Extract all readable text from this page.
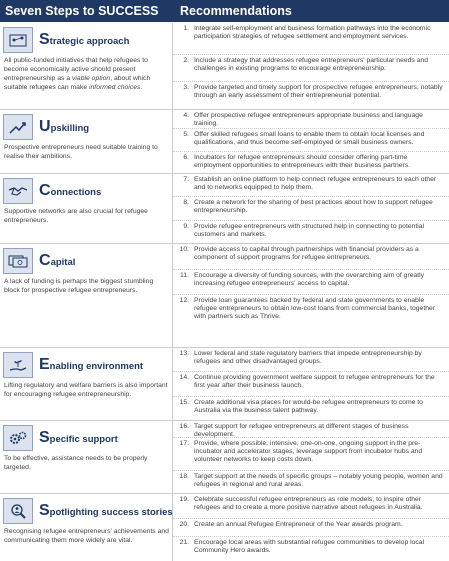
Seven Steps to SUCCESS	Recommendations
Strategic approach
All public-funded initiatives that help refugees to become economically active should present entrepreneurship as a viable option, about which suitable refugees can make informed choices.
1. Integrate self-employment and business formation pathways into the economic participation strategies of refugee settlement and employment services.
2. Include a strategy that addresses refugee entrepreneurs' particular needs and challenges in existing programs to encourage entrepreneurship.
3. Provide targeted and timely support for prospective refugee entrepreneurs, notably through an early assessment of their entrepreneurial potential.
Upskilling
Prospective entrepreneurs need suitable training to realise their ambitions.
4. Offer prospective refugee entrepreneurs appropriate business and language training.
5. Offer skilled refugees small loans to enable them to obtain local licenses and qualifications, and thus become self-employed or small business owners.
6. Incubators for refugee entrepreneurs should consider offering part-time employment opportunities to entrepreneurs with their business partners.
Connections
Supportive networks are also crucial for refugee entrepreneurs.
7. Establish an online platform to help connect refugee entrepreneurs to each other and to networks equipped to help them.
8. Create a network for the sharing of best practices about how to support refugee entrepreneurship.
9. Provide refugee entrepreneurs with structured help in connecting to potential customers and markets.
Capital
A lack of funding is perhaps the biggest stumbling block for prospective refugee entrepreneurs.
10. Provide access to capital through partnerships with financial providers as a component of support programs for refugee entrepreneurs.
11. Encourage a diversity of funding sources, with the overarching aim of greatly increasing refugee entrepreneurs' access to capital.
12. Provide loan guarantees backed by federal and state governments to enable refugee entrepreneurs to obtain low-cost loans from commercial banks, together with partners such as Thrive.
Enabling environment
Lifting regulatory and welfare barriers is also important for encouraging refugee entrepreneurship.
13. Lower federal and state regulatory barriers that impede entrepreneurship by refugees and other disadvantaged groups.
14. Continue providing government welfare support to refugee entrepreneurs for the first year after their business launch.
15. Create additional visa places for would-be refugee entrepreneurs to come to Australia via the business talent pathway.
Specific support
To be effective, assistance needs to be properly targeted.
16. Target support for refugee entrepreneurs at different stages of business development.
17. Provide, where possible, intensive, one-on-one, ongoing support in the pre-incubator and accelerator stages, leverage support from incubator hubs and volunteer networks to keep costs down.
18. Target support at the needs of specific groups – notably young people, women and refugees in regional and rural areas.
Spotlighting success stories
Recognising refugee entrepreneurs' achievements and communicating them more widely are vital.
19. Celebrate successful refugee entrepreneurs as role models, to inspire other refugees and to create a more positive narrative about refugees in Australia.
20. Create an annual Refugee Entrepreneur of the Year awards program.
21. Encourage local areas with substantial refugee communities to develop local Community Hero awards.
